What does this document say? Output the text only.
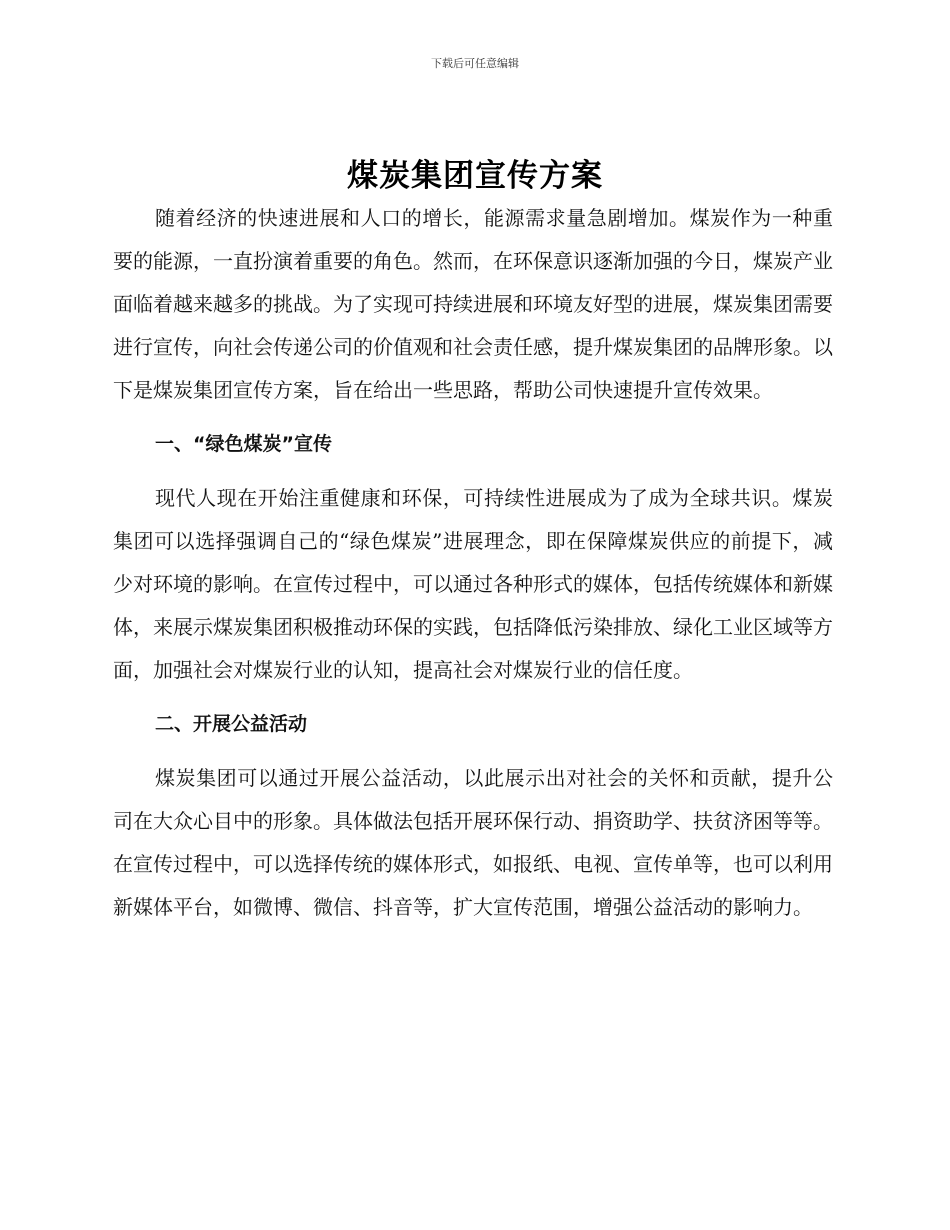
下载后可任意编辑
煤炭集团宣传方案

随着经济的快速进展和人口的增长，能源需求量急剧增加。煤炭作为一种重要的能源，一直扮演着重要的角色。然而，在环保意识逐渐加强的今日，煤炭产业面临着越来越多的挑战。为了实现可持续进展和环境友好型的进展，煤炭集团需要进行宣传，向社会传递公司的价值观和社会责任感，提升煤炭集团的品牌形象。以下是煤炭集团宣传方案，旨在给出一些思路，帮助公司快速提升宣传效果。

一、“绿色煤炭”宣传

现代人现在开始注重健康和环保，可持续性进展成为了成为全球共识。煤炭集团可以选择强调自己的“绿色煤炭”进展理念，即在保障煤炭供应的前提下，减少对环境的影响。在宣传过程中，可以通过各种形式的媒体，包括传统媒体和新媒体，来展示煤炭集团积极推动环保的实践，包括降低污染排放、绿化工业区域等方面，加强社会对煤炭行业的认知，提高社会对煤炭行业的信任度。

二、开展公益活动

煤炭集团可以通过开展公益活动，以此展示出对社会的关怀和贡献，提升公司在大众心目中的形象。具体做法包括开展环保行动、捐资助学、扶贫济困等等。在宣传过程中，可以选择传统的媒体形式，如报纸、电视、宣传单等，也可以利用新媒体平台，如微博、微信、抖音等，扩大宣传范围，增强公益活动的影响力。
